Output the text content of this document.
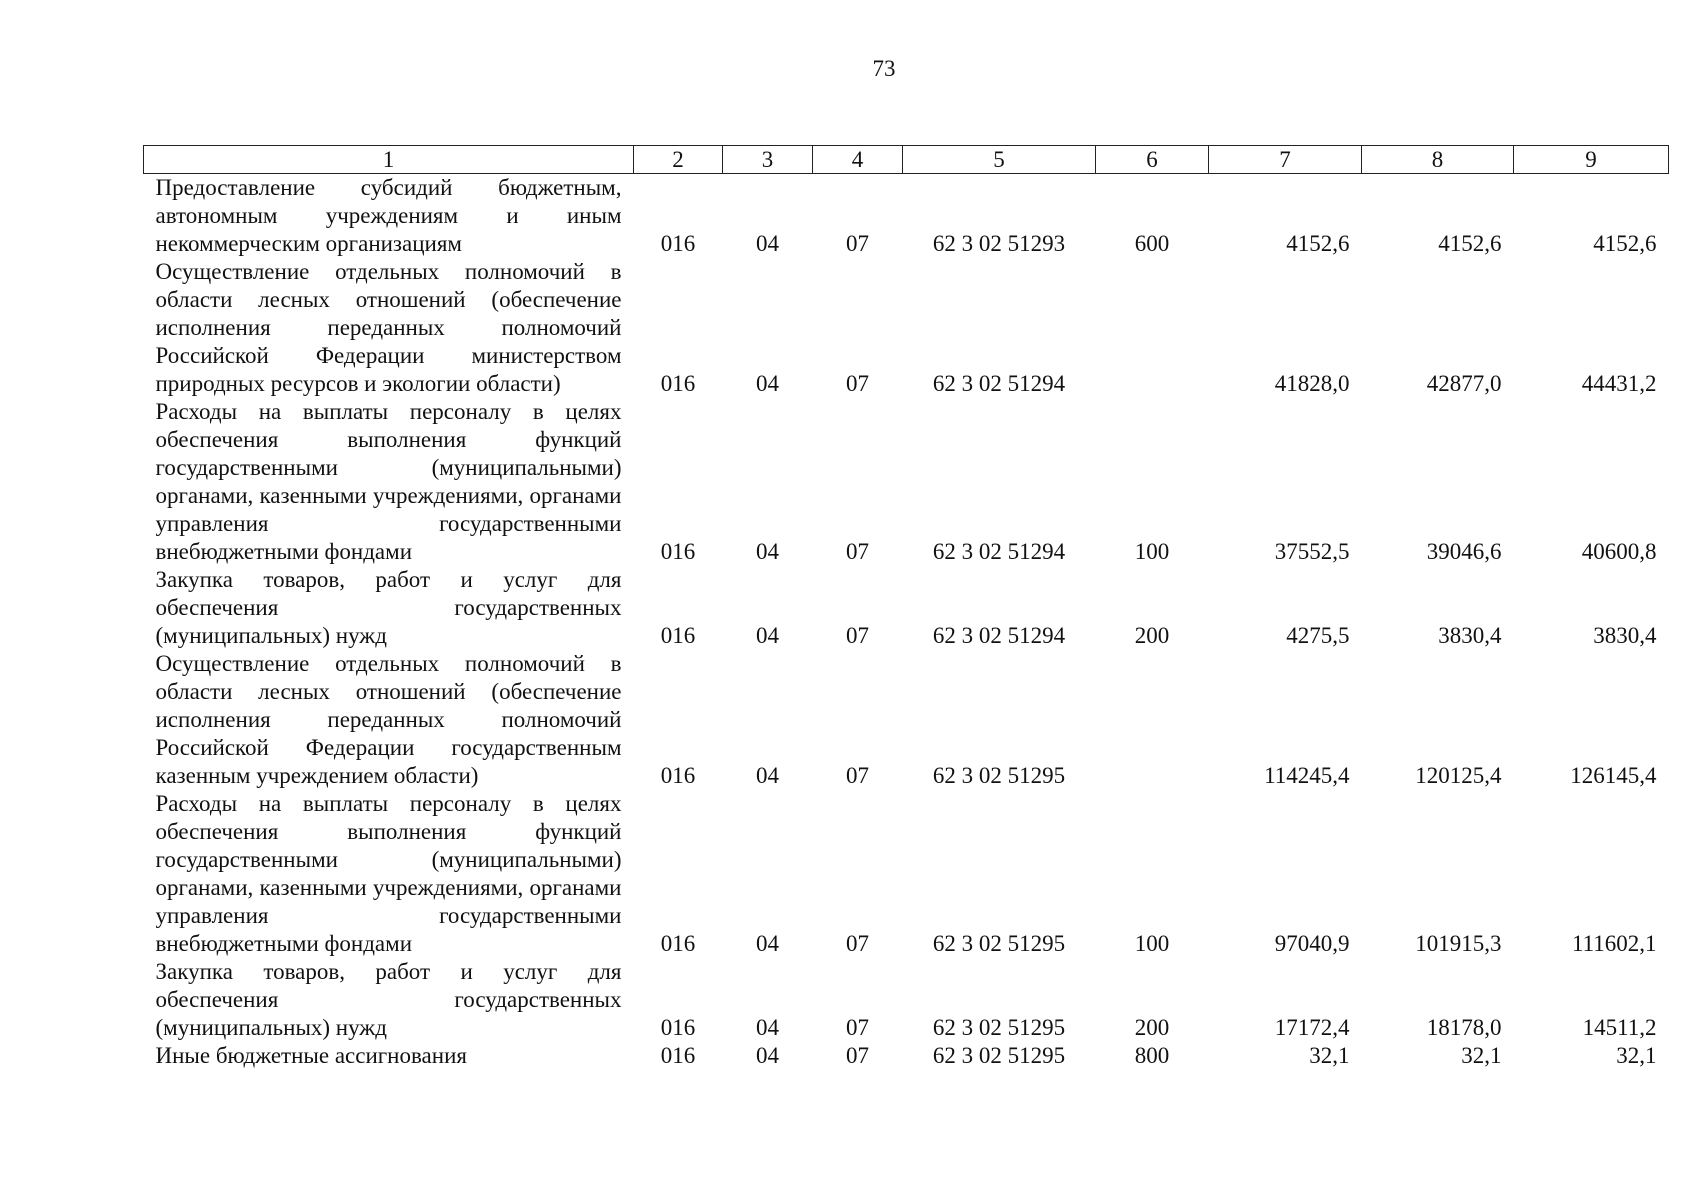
73
1	2	3	4	5	6	7	8	9
Предоставление субсидий бюджетным, автономным учреждениям и иным некоммерческим организациям	016	04	07	62 3 02 51293	600	4152,6	4152,6	4152,6
Осуществление отдельных полномочий в области лесных отношений (обеспечение исполнения переданных полномочий Российской Федерации министерством природных ресурсов и экологии области)	016	04	07	62 3 02 51294		41828,0	42877,0	44431,2
Расходы на выплаты персоналу в целях обеспечения выполнения функций государственными (муниципальными) органами, казенными учреждениями, органами управления государственными внебюджетными фондами	016	04	07	62 3 02 51294	100	37552,5	39046,6	40600,8
Закупка товаров, работ и услуг для обеспечения государственных (муниципальных) нужд	016	04	07	62 3 02 51294	200	4275,5	3830,4	3830,4
Осуществление отдельных полномочий в области лесных отношений (обеспечение исполнения переданных полномочий Российской Федерации государственным казенным учреждением области)	016	04	07	62 3 02 51295		114245,4	120125,4	126145,4
Расходы на выплаты персоналу в целях обеспечения выполнения функций государственными (муниципальными) органами, казенными учреждениями, органами управления государственными внебюджетными фондами	016	04	07	62 3 02 51295	100	97040,9	101915,3	111602,1
Закупка товаров, работ и услуг для обеспечения государственных (муниципальных) нужд	016	04	07	62 3 02 51295	200	17172,4	18178,0	14511,2
Иные бюджетные ассигнования	016	04	07	62 3 02 51295	800	32,1	32,1	32,1
